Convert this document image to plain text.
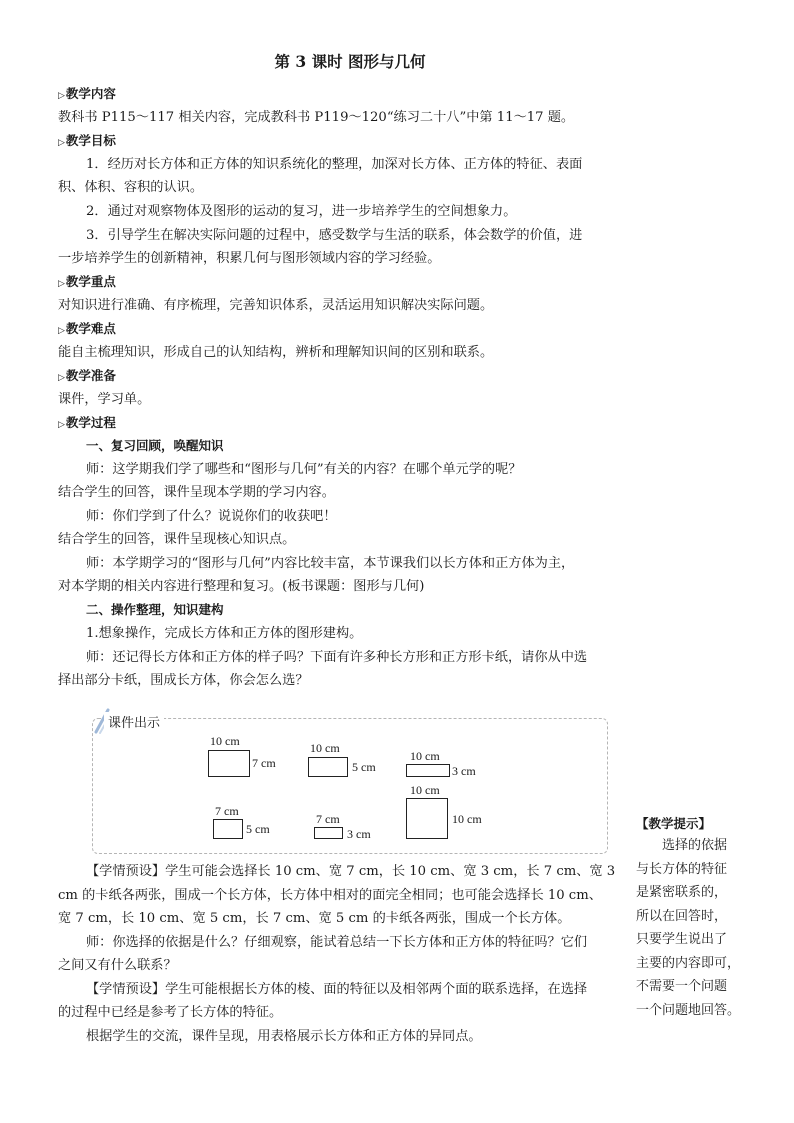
第 3 课时 图形与几何
▷教学内容
教科书 P115～117 相关内容，完成教科书 P119～120“练习二十八”中第 11～17 题。
▷教学目标
1．经历对长方体和正方体的知识系统化的整理，加深对长方体、正方体的特征、表面
积、体积、容积的认识。
2．通过对观察物体及图形的运动的复习，进一步培养学生的空间想象力。
3．引导学生在解决实际问题的过程中，感受数学与生活的联系，体会数学的价值，进
一步培养学生的创新精神，积累几何与图形领域内容的学习经验。
▷教学重点
对知识进行准确、有序梳理，完善知识体系，灵活运用知识解决实际问题。
▷教学难点
能自主梳理知识，形成自己的认知结构，辨析和理解知识间的区别和联系。
▷教学准备
课件，学习单。
▷教学过程
一、复习回顾，唤醒知识
师：这学期我们学了哪些和“图形与几何”有关的内容？在哪个单元学的呢？
结合学生的回答，课件呈现本学期的学习内容。
师：你们学到了什么？说说你们的收获吧！
结合学生的回答，课件呈现核心知识点。
师：本学期学习的“图形与几何”内容比较丰富，本节课我们以长方体和正方体为主，
对本学期的相关内容进行整理和复习。(板书课题：图形与几何)
二、操作整理，知识建构
1.想象操作，完成长方体和正方体的图形建构。
师：还记得长方体和正方体的样子吗？下面有许多种长方形和正方形卡纸，请你从中选
择出部分卡纸，围成长方体，你会怎么选？
【学情预设】学生可能会选择长 10 cm、宽 7 cm，长 10 cm、宽 3 cm，长 7 cm、宽 3
cm 的卡纸各两张，围成一个长方体，长方体中相对的面完全相同；也可能会选择长 10 cm、
宽 7 cm，长 10 cm、宽 5 cm，长 7 cm、宽 5 cm 的卡纸各两张，围成一个长方体。
师：你选择的依据是什么？仔细观察，能试着总结一下长方体和正方体的特征吗？它们
之间又有什么联系？
【学情预设】学生可能根据长方体的棱、面的特征以及相邻两个面的联系选择，在选择
的过程中已经是参考了长方体的特征。
根据学生的交流，课件呈现，用表格展示长方体和正方体的异同点。
课件出示
10 cm
7 cm
10 cm
5 cm
10 cm
3 cm
7 cm
5 cm
7 cm
3 cm
10 cm
10 cm	【教学提示】
选择的依据
与长方体的特征
是紧密联系的，
所以在回答时，
只要学生说出了
主要的内容即可，
不需要一个问题
一个问题地回答。
